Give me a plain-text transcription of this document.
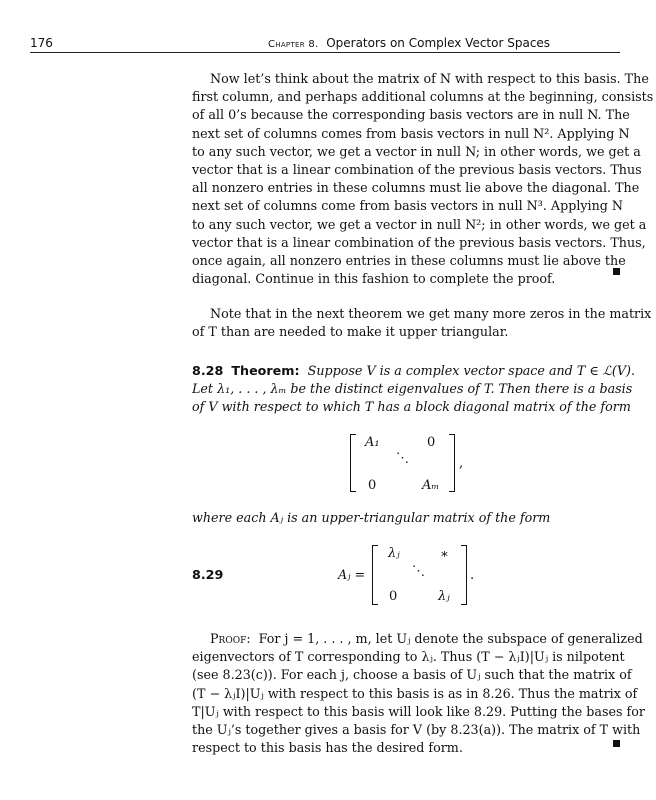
176	Chapter 8. Operators on Complex Vector Spaces
Now let’s think about the matrix of N with respect to this basis. The
first column, and perhaps additional columns at the beginning, consists
of all 0’s because the corresponding basis vectors are in null N. The
next set of columns comes from basis vectors in null N². Applying N
to any such vector, we get a vector in null N; in other words, we get a
vector that is a linear combination of the previous basis vectors. Thus
all nonzero entries in these columns must lie above the diagonal. The
next set of columns come from basis vectors in null N³. Applying N
to any such vector, we get a vector in null N²; in other words, we get a
vector that is a linear combination of the previous basis vectors. Thus,
once again, all nonzero entries in these columns must lie above the
diagonal. Continue in this fashion to complete the proof.
Note that in the next theorem we get many more zeros in the matrix
of T than are needed to make it upper triangular.
8.28 Theorem: Suppose V is a complex vector space and T ∈ ℒ(V).
Let λ₁, . . . , λₘ be the distinct eigenvalues of T. Then there is a basis
of V with respect to which T has a block diagonal matrix of the form
A₁	0
⋱
0	Aₘ
,
where each Aⱼ is an upper-triangular matrix of the form
8.29	Aⱼ =
λⱼ	∗
⋱
0	λⱼ
.
Proof: For j = 1, . . . , m, let Uⱼ denote the subspace of generalized
eigenvectors of T corresponding to λⱼ. Thus (T − λⱼI)|Uⱼ is nilpotent
(see 8.23(c)). For each j, choose a basis of Uⱼ such that the matrix of
(T − λⱼI)|Uⱼ with respect to this basis is as in 8.26. Thus the matrix of
T|Uⱼ with respect to this basis will look like 8.29. Putting the bases for
the Uⱼ’s together gives a basis for V (by 8.23(a)). The matrix of T with
respect to this basis has the desired form.
